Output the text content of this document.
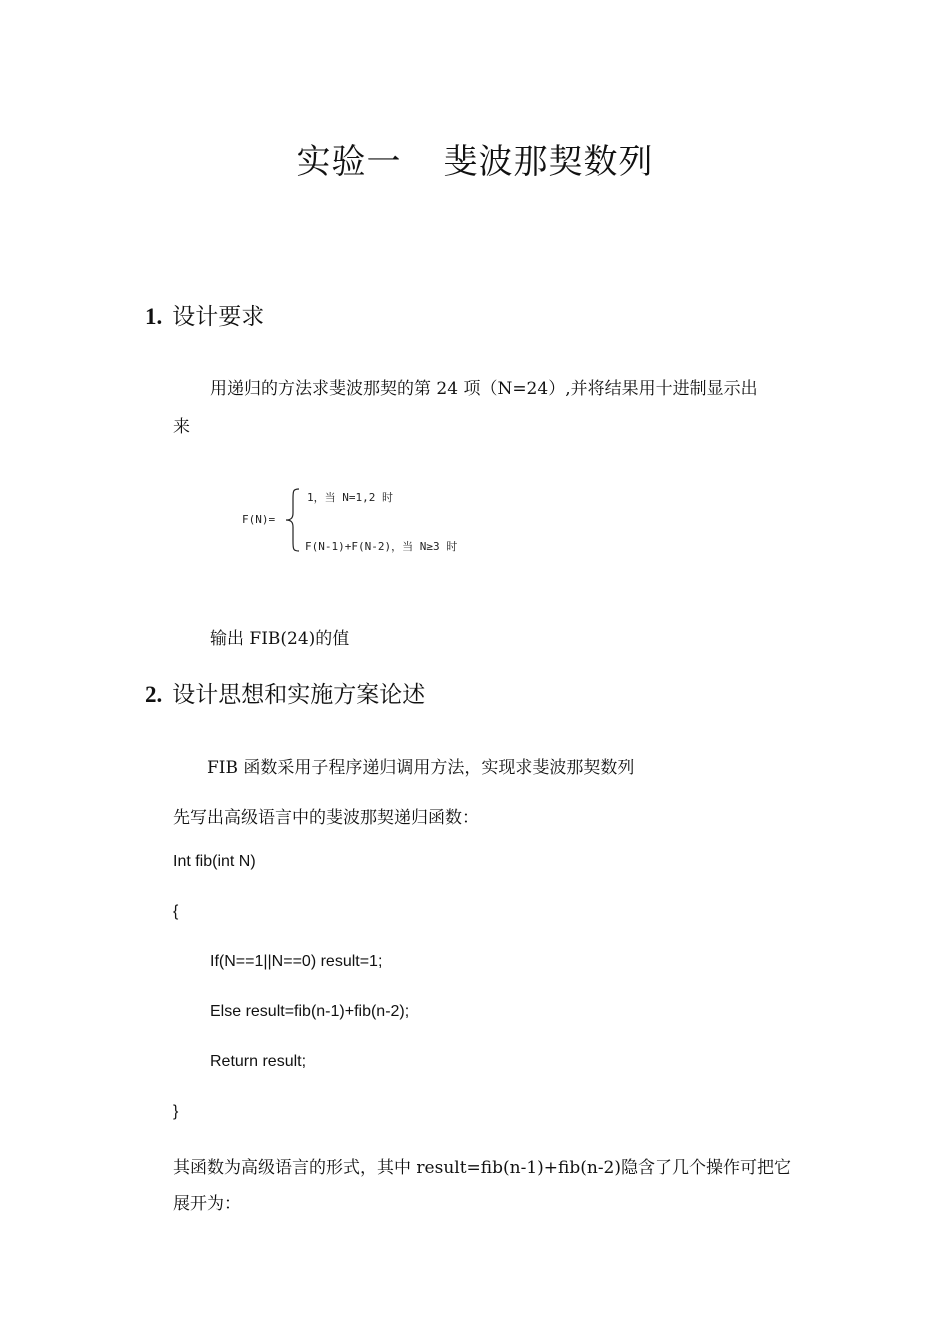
实验一 斐波那契数列
1. 设计要求
用递归的方法求斐波那契的第 24 项（N=24）,并将结果用十进制显示出
来
F(N)=
1，当 N=1,2 时
F(N-1)+F(N-2)，当 N≥3 时
输出 FIB(24)的值
2. 设计思想和实施方案论述
FIB 函数采用子程序递归调用方法，实现求斐波那契数列
先写出高级语言中的斐波那契递归函数：
Int fib(int N)
{
If(N==1||N==0) result=1;
Else result=fib(n-1)+fib(n-2);
Return result;
}
其函数为高级语言的形式，其中 result=fib(n-1)+fib(n-2)隐含了几个操作可把它
展开为：
